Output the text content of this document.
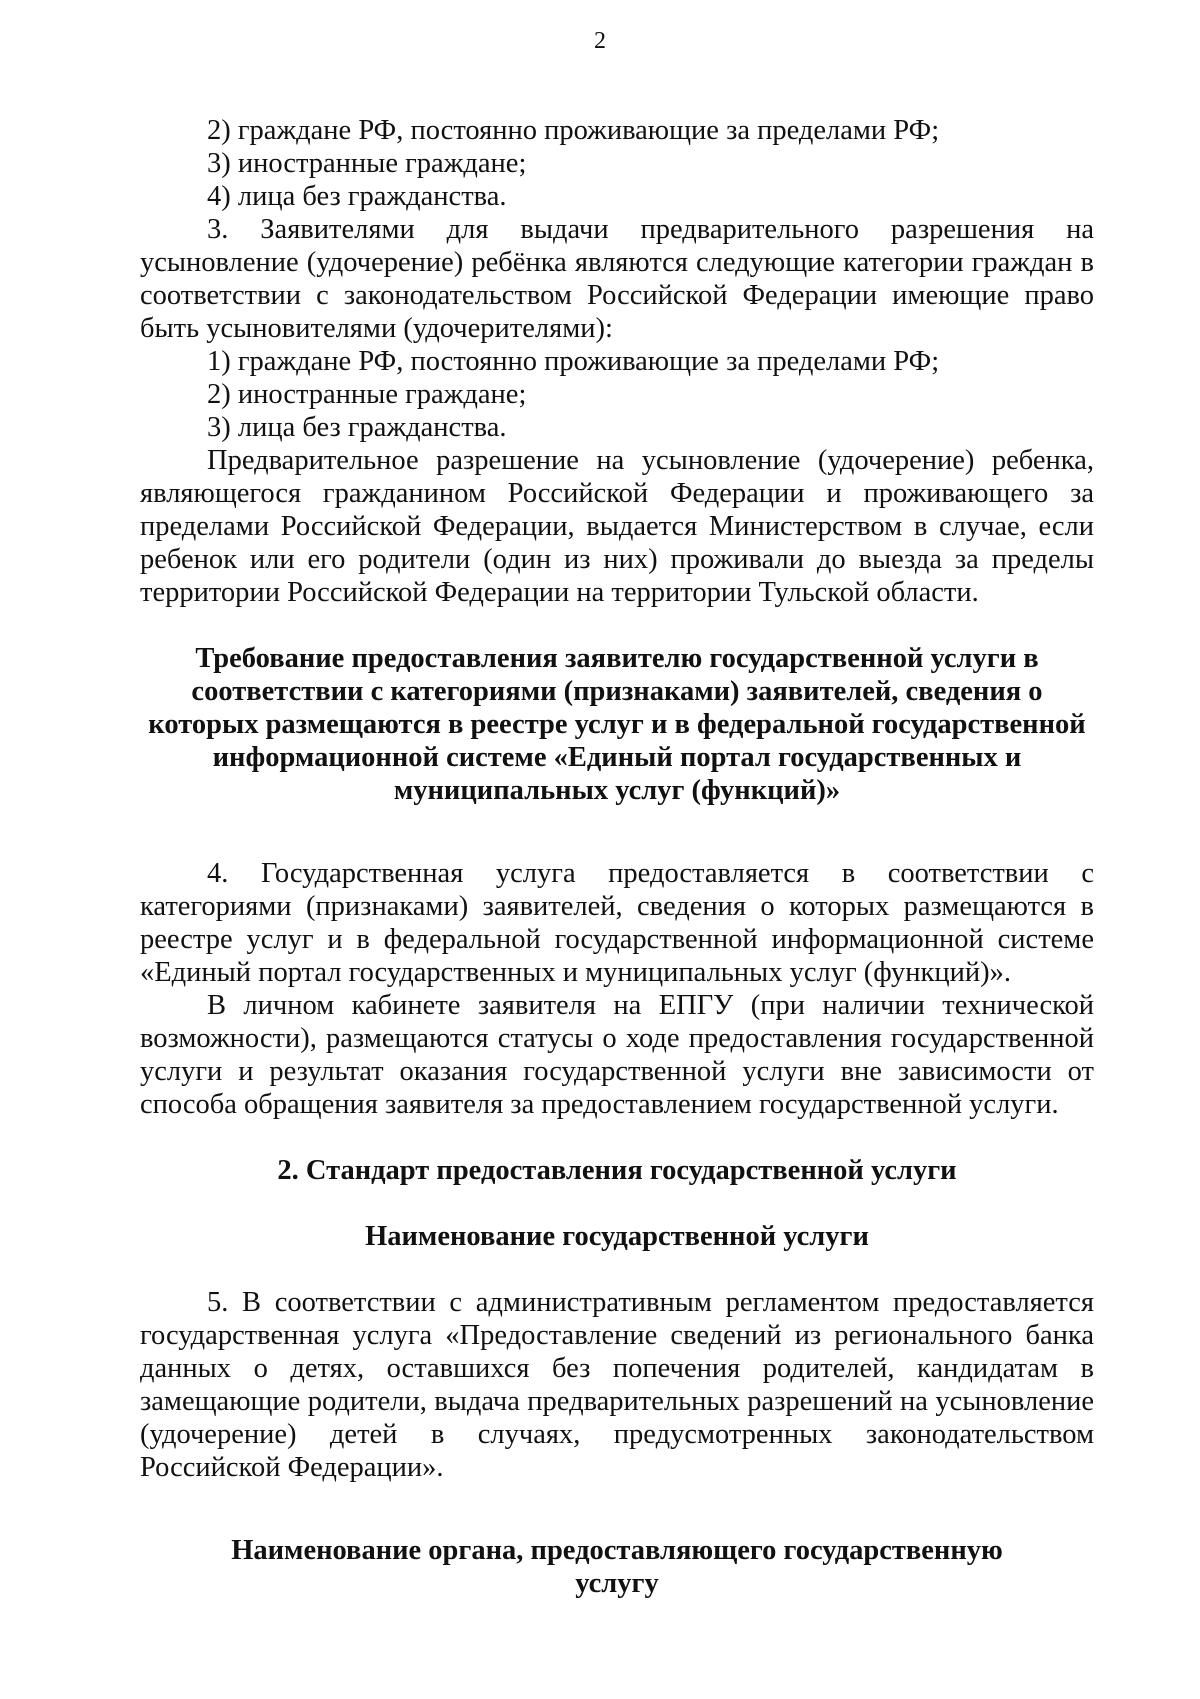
2

2) граждане РФ, постоянно проживающие за пределами РФ;

3) иностранные граждане;

4) лица без гражданства.

3. Заявителями для выдачи предварительного разрешения на усыновление (удочерение) ребёнка являются следующие категории граждан в соответствии с законодательством Российской Федерации имеющие право быть усыновителями (удочерителями):

1) граждане РФ, постоянно проживающие за пределами РФ;

2) иностранные граждане;

3) лица без гражданства.

Предварительное разрешение на усыновление (удочерение) ребенка, являющегося гражданином Российской Федерации и проживающего за пределами Российской Федерации, выдается Министерством в случае, если ребенок или его родители (один из них) проживали до выезда за пределы территории Российской Федерации на территории Тульской области.

Требование предоставления заявителю государственной услуги в соответствии с категориями (признаками) заявителей, сведения о которых размещаются в реестре услуг и в федеральной государственной информационной системе «Единый портал государственных и муниципальных услуг (функций)»

4. Государственная услуга предоставляется в соответствии с категориями (признаками) заявителей, сведения о которых размещаются в реестре услуг и в федеральной государственной информационной системе «Единый портал государственных и муниципальных услуг (функций)».

В личном кабинете заявителя на ЕПГУ (при наличии технической возможности), размещаются статусы о ходе предоставления государственной услуги и результат оказания государственной услуги вне зависимости от способа обращения заявителя за предоставлением государственной услуги.

2. Стандарт предоставления государственной услуги

Наименование государственной услуги

5. В соответствии с административным регламентом предоставляется государственная услуга «Предоставление сведений из регионального банка данных о детях, оставшихся без попечения родителей, кандидатам в замещающие родители, выдача предварительных разрешений на усыновление (удочерение) детей в случаях, предусмотренных законодательством Российской Федерации».

Наименование органа, предоставляющего государственную услугу
